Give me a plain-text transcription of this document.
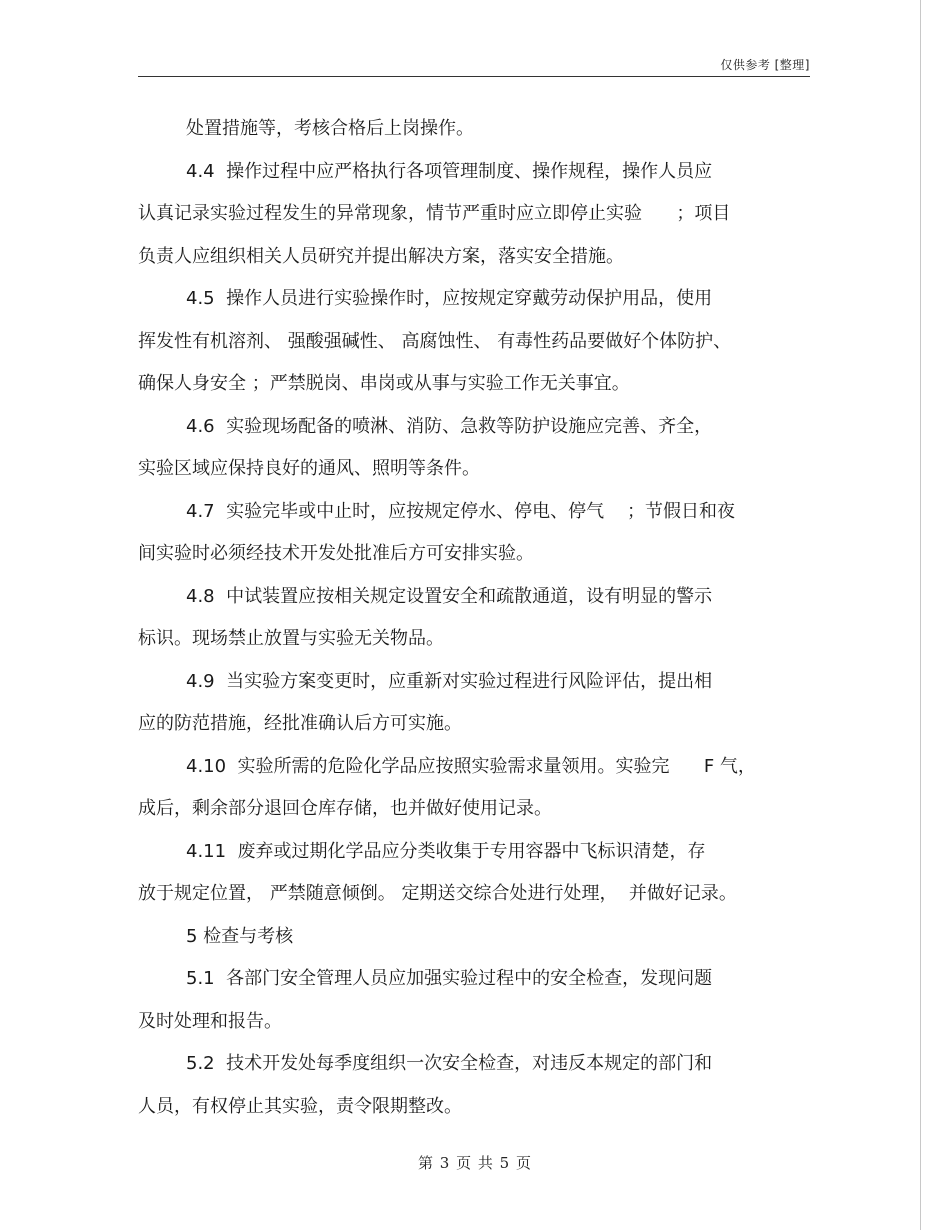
仅供参考 [整理]
处置措施等，考核合格后上岗操作。
4.4  操作过程中应严格执行各项管理制度、操作规程，操作人员应
认真记录实验过程发生的异常现象，情节严重时应立即停止实验      ；项目
负责人应组织相关人员研究并提出解决方案，落实安全措施。
4.5  操作人员进行实验操作时，应按规定穿戴劳动保护用品，使用
挥发性有机溶剂、 强酸强碱性、 高腐蚀性、 有毒性药品要做好个体防护、
确保人身安全 ；严禁脱岗、串岗或从事与实验工作无关事宜。
4.6  实验现场配备的喷淋、消防、急救等防护设施应完善、齐全，
实验区域应保持良好的通风、照明等条件。
4.7  实验完毕或中止时，应按规定停水、停电、停气    ；节假日和夜
间实验时必须经技术开发处批准后方可安排实验。
4.8  中试装置应按相关规定设置安全和疏散通道，设有明显的警示
标识。现场禁止放置与实验无关物品。
4.9  当实验方案变更时，应重新对实验过程进行风险评估，提出相
应的防范措施，经批准确认后方可实施。
4.10  实验所需的危险化学品应按照实验需求量领用。实验完      F 气，
成后，剩余部分退回仓库存储，也并做好使用记录。
4.11  废弃或过期化学品应分类收集于专用容器中飞标识清楚，存
放于规定位置， 严禁随意倾倒。 定期送交综合处进行处理，  并做好记录。
5 检查与考核
5.1  各部门安全管理人员应加强实验过程中的安全检查，发现问题
及时处理和报告。
5.2  技术开发处每季度组织一次安全检查，对违反本规定的部门和
人员，有权停止其实验，责令限期整改。
第 3 页 共 5 页
